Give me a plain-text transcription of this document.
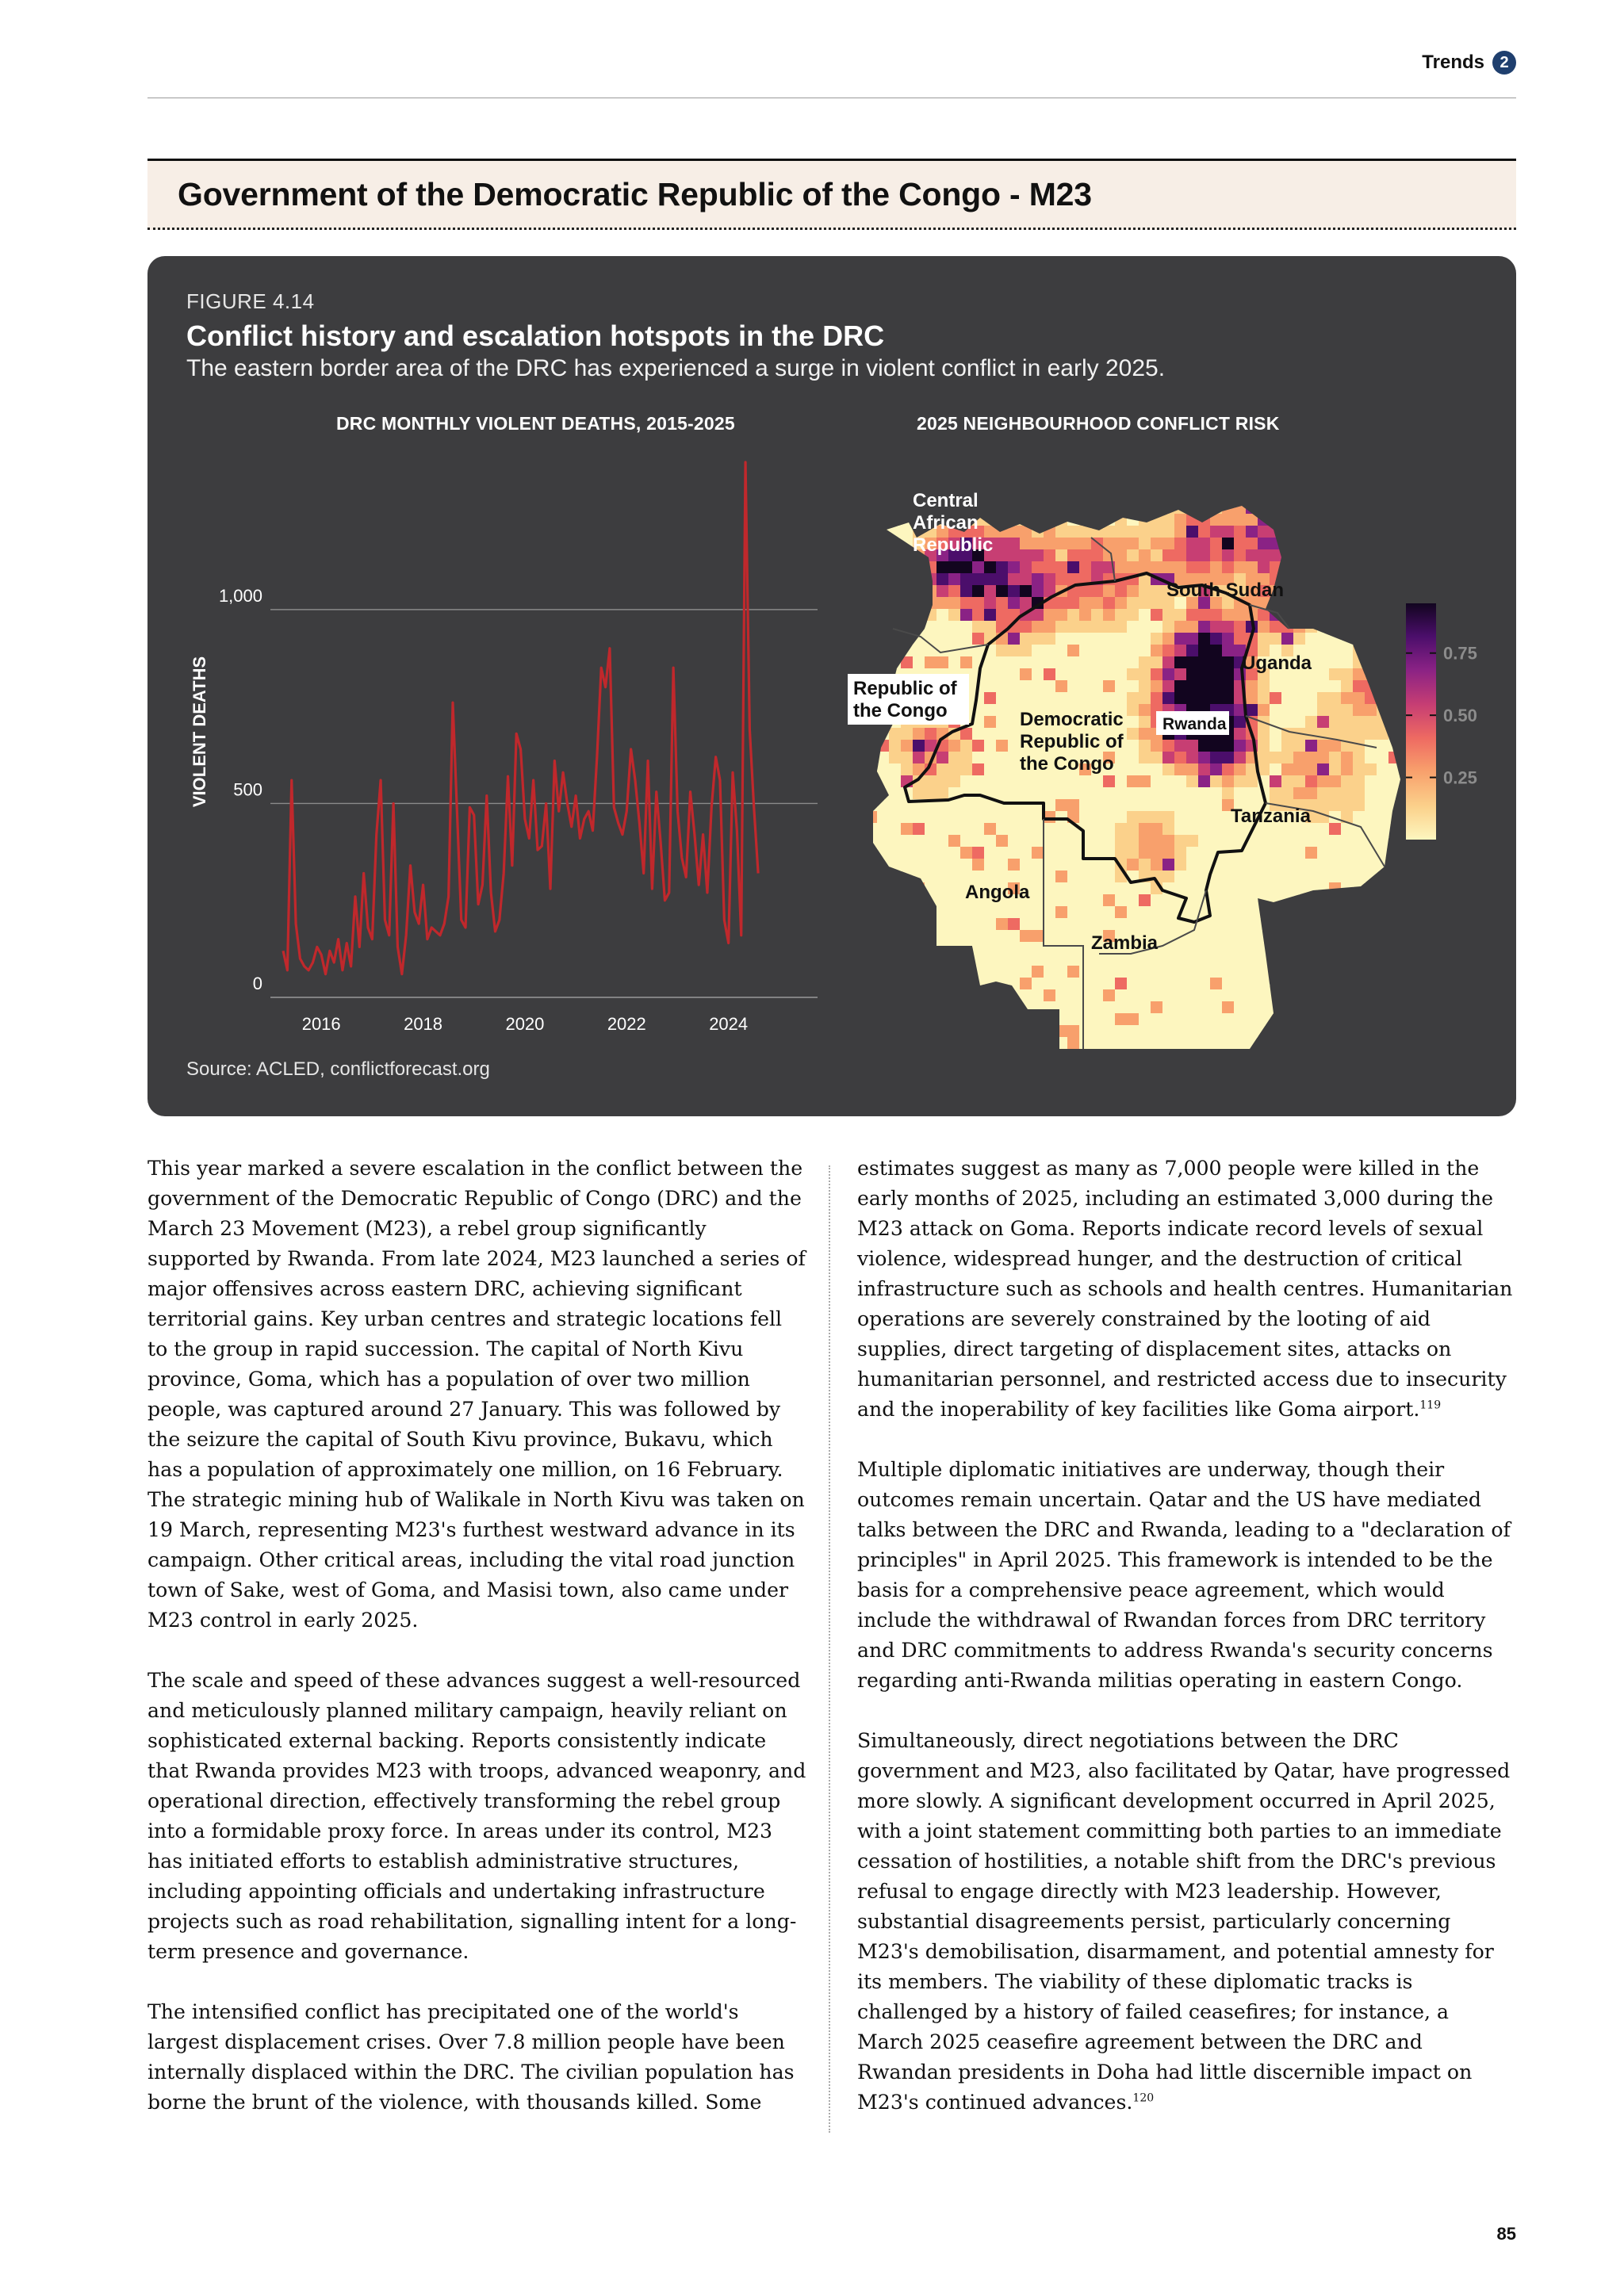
Trends 2
Government of the Democratic Republic of the Congo - M23
FIGURE 4.14
Conflict history and escalation hotspots in the DRC
The eastern border area of the DRC has experienced a surge in violent conflict in early 2025.
DRC MONTHLY VIOLENT DEATHS, 2015-2025	2025 NEIGHBOURHOOD CONFLICT RISK
0
500
1,000
2016	2018	2020	2022	2024
VIOLENT DEATHS
Central
African
Republic
South Sudan
Uganda
Republic of
the Congo	Democratic
Republic of
the Congo
Rwanda
Tanzania
Angola
Zambia
0.75
0.50
0.25
Source: ACLED, conflictforecast.org

This year marked a severe escalation in the conflict between the government of the Democratic Republic of Congo (DRC) and the March 23 Movement (M23), a rebel group significantly supported by Rwanda. From late 2024, M23 launched a series of major offensives across eastern DRC, achieving significant territorial gains. Key urban centres and strategic locations fell to the group in rapid succession. The capital of North Kivu province, Goma, which has a population of over two million people, was captured around 27 January. This was followed by the seizure the capital of South Kivu province, Bukavu, which has a population of approximately one million, on 16 February. The strategic mining hub of Walikale in North Kivu was taken on 19 March, representing M23's furthest westward advance in its campaign. Other critical areas, including the vital road junction town of Sake, west of Goma, and Masisi town, also came under M23 control in early 2025.

The scale and speed of these advances suggest a well-resourced and meticulously planned military campaign, heavily reliant on sophisticated external backing. Reports consistently indicate that Rwanda provides M23 with troops, advanced weaponry, and operational direction, effectively transforming the rebel group into a formidable proxy force. In areas under its control, M23 has initiated efforts to establish administrative structures, including appointing officials and undertaking infrastructure projects such as road rehabilitation, signalling intent for a long-term presence and governance.

The intensified conflict has precipitated one of the world's largest displacement crises. Over 7.8 million people have been internally displaced within the DRC. The civilian population has borne the brunt of the violence, with thousands killed. Some

estimates suggest as many as 7,000 people were killed in the early months of 2025, including an estimated 3,000 during the M23 attack on Goma. Reports indicate record levels of sexual violence, widespread hunger, and the destruction of critical infrastructure such as schools and health centres. Humanitarian operations are severely constrained by the looting of aid supplies, direct targeting of displacement sites, attacks on humanitarian personnel, and restricted access due to insecurity and the inoperability of key facilities like Goma airport.$^{119}$

Multiple diplomatic initiatives are underway, though their outcomes remain uncertain. Qatar and the US have mediated talks between the DRC and Rwanda, leading to a "declaration of principles" in April 2025. This framework is intended to be the basis for a comprehensive peace agreement, which would include the withdrawal of Rwandan forces from DRC territory and DRC commitments to address Rwanda's security concerns regarding anti-Rwanda militias operating in eastern Congo.

Simultaneously, direct negotiations between the DRC government and M23, also facilitated by Qatar, have progressed more slowly. A significant development occurred in April 2025, with a joint statement committing both parties to an immediate cessation of hostilities, a notable shift from the DRC's previous refusal to engage directly with M23 leadership. However, substantial disagreements persist, particularly concerning M23's demobilisation, disarmament, and potential amnesty for its members. The viability of these diplomatic tracks is challenged by a history of failed ceasefires; for instance, a March 2025 ceasefire agreement between the DRC and Rwandan presidents in Doha had little discernible impact on M23's continued advances.$^{120}$

85
